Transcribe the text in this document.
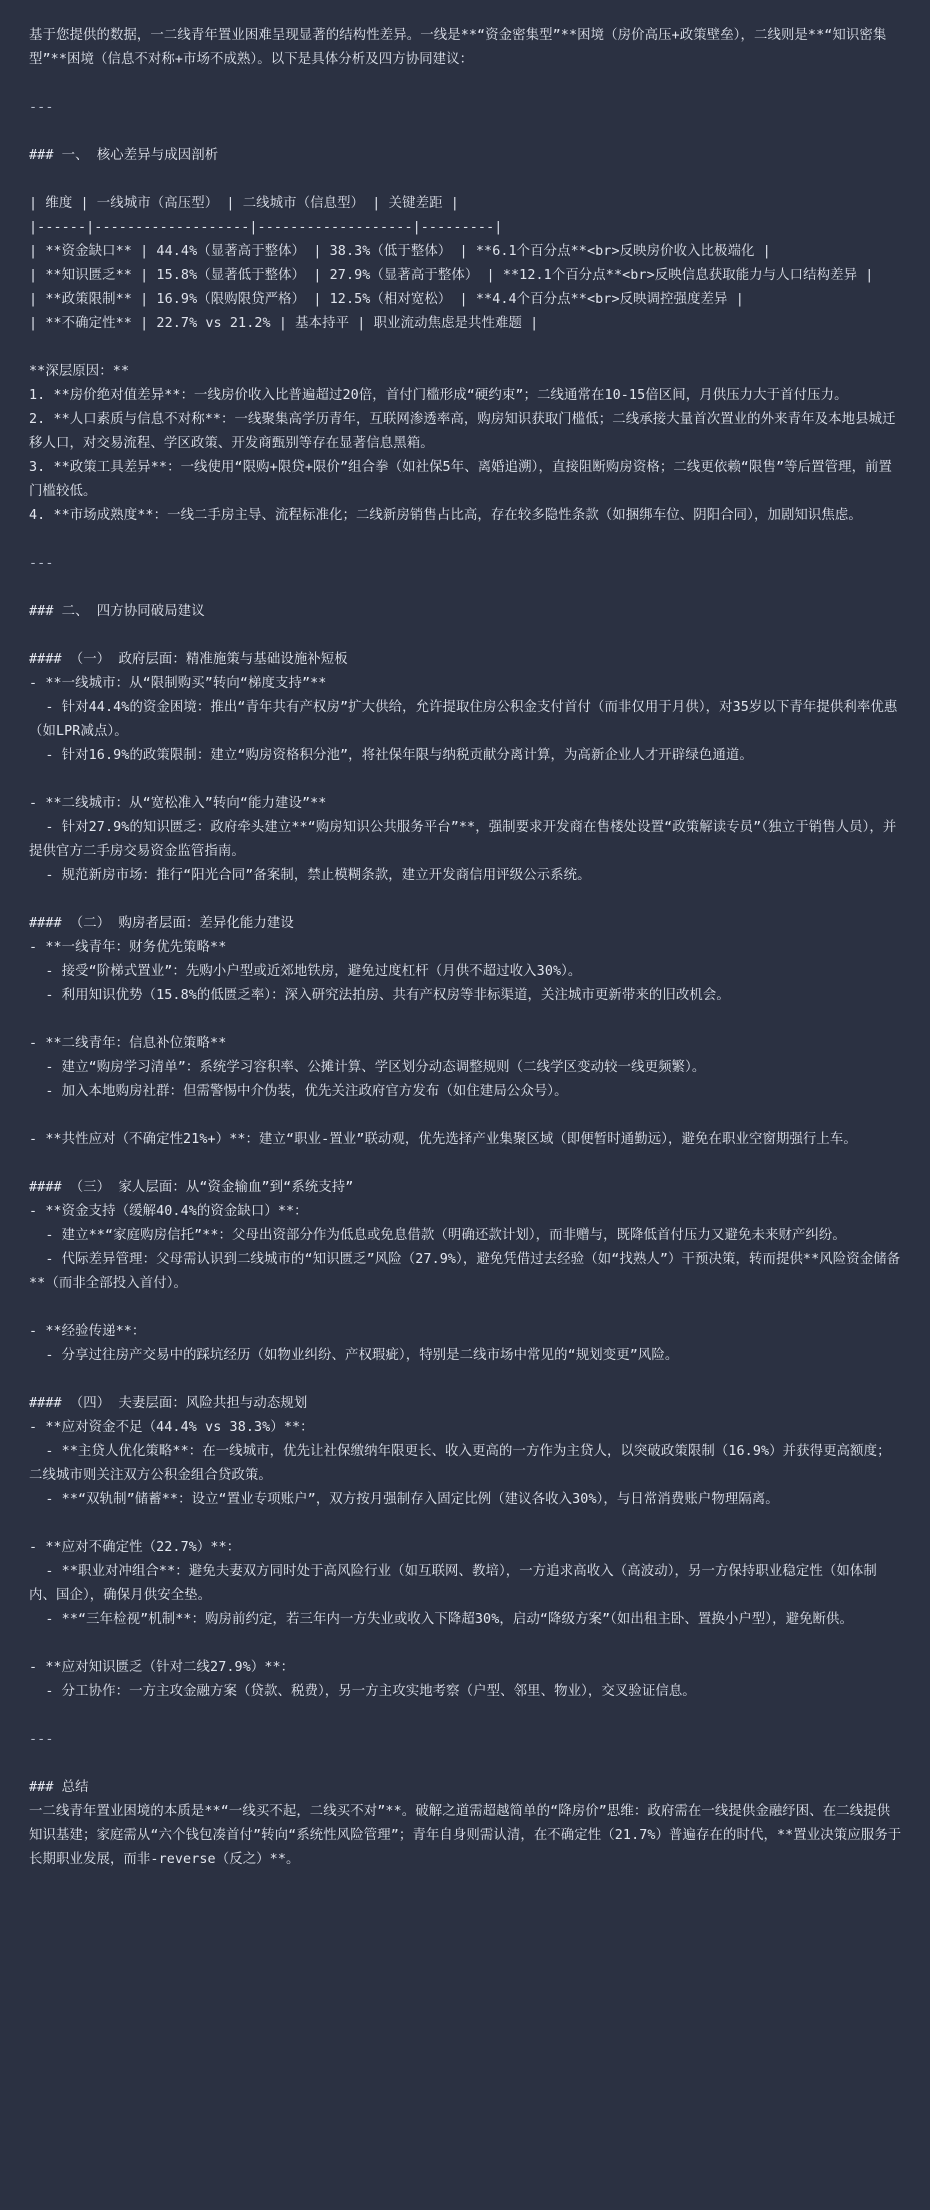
基于您提供的数据，一二线青年置业困难呈现显著的结构性差异。一线是**“资金密集型”**困境（房价高压+政策壁垒），二线则是**“知识密集型”**困境（信息不对称+市场不成熟）。以下是具体分析及四方协同建议：
---
### 一、 核心差异与成因剖析
| 维度 | 一线城市（高压型） | 二线城市（信息型） | 关键差距 |
|------|-------------------|-------------------|---------|
| **资金缺口** | 44.4%（显著高于整体） | 38.3%（低于整体） | **6.1个百分点**<br>反映房价收入比极端化 |
| **知识匮乏** | 15.8%（显著低于整体） | 27.9%（显著高于整体） | **12.1个百分点**<br>反映信息获取能力与人口结构差异 |
| **政策限制** | 16.9%（限购限贷严格） | 12.5%（相对宽松） | **4.4个百分点**<br>反映调控强度差异 |
| **不确定性** | 22.7% vs 21.2% | 基本持平 | 职业流动焦虑是共性难题 |
**深层原因：**
1. **房价绝对值差异**：一线房价收入比普遍超过20倍，首付门槛形成“硬约束”；二线通常在10-15倍区间，月供压力大于首付压力。
2. **人口素质与信息不对称**：一线聚集高学历青年，互联网渗透率高，购房知识获取门槛低；二线承接大量首次置业的外来青年及本地县城迁移人口，对交易流程、学区政策、开发商甄别等存在显著信息黑箱。
3. **政策工具差异**：一线使用“限购+限贷+限价”组合拳（如社保5年、离婚追溯），直接阻断购房资格；二线更依赖“限售”等后置管理，前置门槛较低。
4. **市场成熟度**：一线二手房主导、流程标准化；二线新房销售占比高，存在较多隐性条款（如捆绑车位、阴阳合同），加剧知识焦虑。
---
### 二、 四方协同破局建议
#### （一） 政府层面：精准施策与基础设施补短板
- **一线城市：从“限制购买”转向“梯度支持”**
- 针对44.4%的资金困境：推出“青年共有产权房”扩大供给，允许提取住房公积金支付首付（而非仅用于月供），对35岁以下青年提供利率优惠（如LPR减点）。
- 针对16.9%的政策限制：建立“购房资格积分池”，将社保年限与纳税贡献分离计算，为高新企业人才开辟绿色通道。
- **二线城市：从“宽松准入”转向“能力建设”**
- 针对27.9%的知识匮乏：政府牵头建立**“购房知识公共服务平台”**，强制要求开发商在售楼处设置“政策解读专员”（独立于销售人员），并提供官方二手房交易资金监管指南。
- 规范新房市场：推行“阳光合同”备案制，禁止模糊条款，建立开发商信用评级公示系统。
#### （二） 购房者层面：差异化能力建设
- **一线青年：财务优先策略**
- 接受“阶梯式置业”：先购小户型或近郊地铁房，避免过度杠杆（月供不超过收入30%）。
- 利用知识优势（15.8%的低匮乏率）：深入研究法拍房、共有产权房等非标渠道，关注城市更新带来的旧改机会。
- **二线青年：信息补位策略**
- 建立“购房学习清单”：系统学习容积率、公摊计算、学区划分动态调整规则（二线学区变动较一线更频繁）。
- 加入本地购房社群：但需警惕中介伪装，优先关注政府官方发布（如住建局公众号）。
- **共性应对（不确定性21%+）**：建立“职业-置业”联动观，优先选择产业集聚区域（即便暂时通勤远），避免在职业空窗期强行上车。
#### （三） 家人层面：从“资金输血”到“系统支持”
- **资金支持（缓解40.4%的资金缺口）**：
- 建立**“家庭购房信托”**：父母出资部分作为低息或免息借款（明确还款计划），而非赠与，既降低首付压力又避免未来财产纠纷。
- 代际差异管理：父母需认识到二线城市的“知识匮乏”风险（27.9%），避免凭借过去经验（如“找熟人”）干预决策，转而提供**风险资金储备**（而非全部投入首付）。
- **经验传递**：
- 分享过往房产交易中的踩坑经历（如物业纠纷、产权瑕疵），特别是二线市场中常见的“规划变更”风险。
#### （四） 夫妻层面：风险共担与动态规划
- **应对资金不足（44.4% vs 38.3%）**：
- **主贷人优化策略**：在一线城市，优先让社保缴纳年限更长、收入更高的一方作为主贷人，以突破政策限制（16.9%）并获得更高额度；二线城市则关注双方公积金组合贷政策。
- **“双轨制”储蓄**：设立“置业专项账户”，双方按月强制存入固定比例（建议各收入30%），与日常消费账户物理隔离。
- **应对不确定性（22.7%）**：
- **职业对冲组合**：避免夫妻双方同时处于高风险行业（如互联网、教培），一方追求高收入（高波动），另一方保持职业稳定性（如体制内、国企），确保月供安全垫。
- **“三年检视”机制**：购房前约定，若三年内一方失业或收入下降超30%，启动“降级方案”（如出租主卧、置换小户型），避免断供。
- **应对知识匮乏（针对二线27.9%）**：
- 分工协作：一方主攻金融方案（贷款、税费），另一方主攻实地考察（户型、邻里、物业），交叉验证信息。
---
### 总结
一二线青年置业困境的本质是**“一线买不起，二线买不对”**。破解之道需超越简单的“降房价”思维：政府需在一线提供金融纾困、在二线提供知识基建；家庭需从“六个钱包凑首付”转向“系统性风险管理”；青年自身则需认清，在不确定性（21.7%）普遍存在的时代，**置业决策应服务于长期职业发展，而非-reverse（反之）**。
